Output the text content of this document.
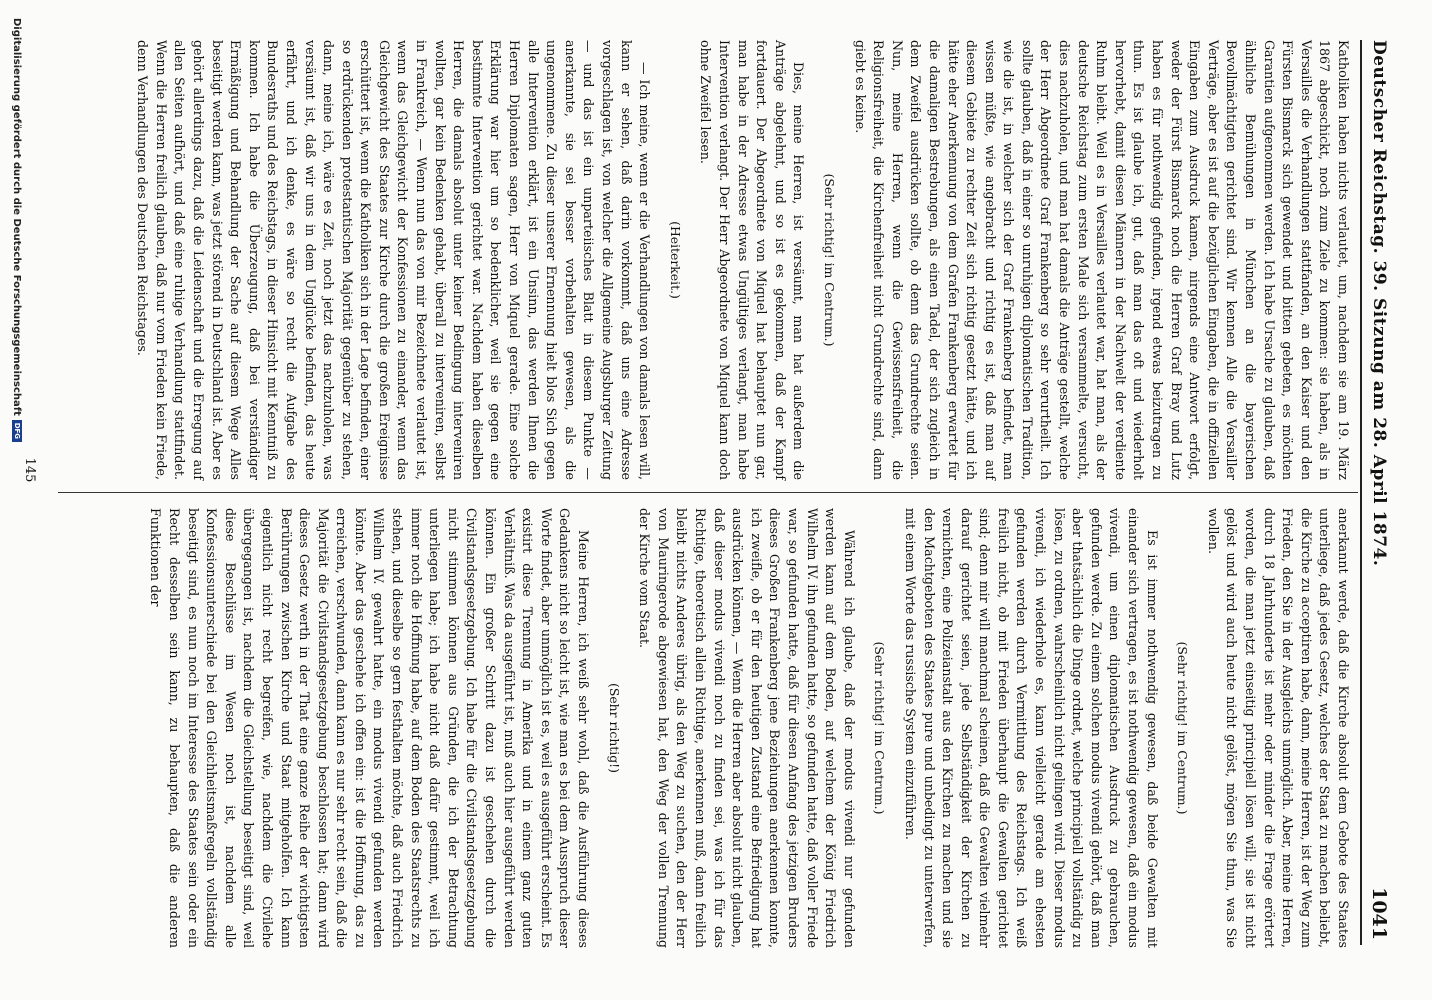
Deutscher Reichstag. 39. Sitzung am 28. April 1874.
1041

Katholiken haben nichts verlautet, um, nachdem sie am 19. März 1867 abgeschickt, noch zum Ziele zu kommen: sie haben, als in Versailles die Verhandlungen stattfanden, an den Kaiser und den Fürsten Bismarck sich gewendet und bitten gebeten, es möchten Garantien aufgenommen werden. Ich habe Ursache zu glauben, daß ähnliche Bemühungen in München an die bayerischen Bevollmächtigten gerichtet sind. Wir kennen Alle die Versailler Verträge, aber es ist auf die bezüglichen Eingaben, die in offiziellen Eingaben zum Ausdruck kamen, nirgends eine Antwort erfolgt, weder der Fürst Bismarck noch die Herren Graf Bray und Lutz haben es für nothwendig gefunden, irgend etwas beizutragen zu thun. Es ist glaube ich, gut, daß man das oft und wiederholt hervorhebt, damit diesen Männern in der Nachwelt der verdiente Ruhm bleibt. Weil es in Versailles verlautet war, hat man, als der deutsche Reichstag zum ersten Male sich versammelte, versucht, dies nachzuholen, und man hat damals die Anträge gestellt, welche der Herr Abgeordnete Graf Frankenberg so sehr verurtheilt. Ich sollte glauben, daß in einer so unruhigen diplomatischen Tradition, wie die ist, in welcher sich der Graf Frankenberg befindet, man wissen müßte, wie angebracht und richtig es ist, daß man auf diesem Gebiete zu rechter Zeit sich richtig gesetzt hätte, und ich hätte eher Anerkennung von dem Grafen Frankenberg erwartet für die damaligen Bestrebungen, als einen Tadel, der sich zugleich in dem Zweifel ausdrücken sollte, ob denn das Grundrechte seien. Nun, meine Herren, wenn die Gewissensfreiheit, die Religionsfreiheit, die Kirchenfreiheit nicht Grundrechte sind, dann giebt es keine.

(Sehr richtig! im Centrum.)

Dies, meine Herren, ist versäumt, man hat außerdem die Anträge abgelehnt, und so ist es gekommen, daß der Kampf fortdauert. Der Abgeordnete von Miquel hat behauptet nun gar, man habe in der Adresse etwas Ungültiges verlangt, man habe Intervention verlangt. Der Herr Abgeordnete von Miquel kann doch ohne Zweifel lesen.

(Heiterkeit.)

— Ich meine, wenn er die Verhandlungen von damals lesen will, kann er sehen, daß darin vorkommt, daß uns eine Adresse vorgeschlagen ist, von welcher die Allgemeine Augsburger Zeitung — und das ist ein unparteiisches Blatt in diesem Punkte — anerkannte, sie sei besser vorbehalten gewesen, als die ungenommene. Zu dieser unserer Ernennung hielt blos Sich gegen alle Intervention erklärt, ist ein Unsinn, das werden Ihnen die Herren Diplomaten sagen, Herr von Miquel gerade. Eine solche Erklärung war hier um so bedenklicher, weil sie gegen eine bestimmte Intervention gerichtet war. Nachdem haben dieselben Herren, die damals absolut unter keiner Bedingung interveniren wollten, gar kein Bedenken gehabt, überall zu interveniren, selbst in Frankreich, — Wenn nun das von mir Bezeichnete verlautet ist, wenn das Gleichgewicht der Konfessionen zu einander, wenn das Gleichgewicht des Staates zur Kirche durch die großen Ereignisse erschüttert ist, wenn die Katholiken sich in der Lage befinden, einer so erdrückenden protestantischen Majorität gegenüber zu stehen, dann, meine ich, wäre es Zeit, noch jetzt das nachzuholen, was versäumt ist, daß wir uns in dem Unglücke befinden, das heute erfährt, und ich denke, es wäre so recht die Aufgabe des Bundesraths und des Reichstags, in dieser Hinsicht mit Kenntniß zu kommen. Ich habe die Überzeugung, daß bei verständiger Ermäßigung und Behandlung der Sache auf diesem Wege Alles beseitigt werden kann, was jetzt störend in Deutschland ist. Aber es gehört allerdings dazu, daß die Leidenschaft und die Erregung auf allen Seiten aufhört, und daß eine ruhige Verhandlung stattfindet. Wenn die Herren freilich glauben, daß nur vom Frieden kein Friede, denn Verhandlungen des Deutschen Reichstages.

anerkannt werde, daß die Kirche absolut dem Gebote des Staates unterliege, daß jedes Gesetz, welches der Staat zu machen beliebt, die Kirche zu acceptiren habe, dann, meine Herren, ist der Weg zum Frieden, den Sie in der Ausgleichs unmöglich. Aber, meine Herren, durch 18 Jahrhunderte ist mehr oder minder die Frage erörtert worden, die man jetzt einseitig principiell lösen will; sie ist nicht gelöst und wird auch heute nicht gelöst, mögen Sie thun, was Sie wollen.

(Sehr richtig! im Centrum.)

Es ist immer nothwendig gewesen, daß beide Gewalten mit einander sich vertragen, es ist nothwendig gewesen, daß ein modus vivendi, um einen diplomatischen Ausdruck zu gebrauchen, gefunden werde. Zu einem solchen modus vivendi gehört, daß man aber thatsächlich die Dinge ordnet, welche principiell vollständig zu lösen, zu ordnen, wahrscheinlich nicht gelingen wird. Dieser modus vivendi, ich wiederhole es, kann vielleicht gerade am ehesten gefunden werden durch Vermittlung des Reichstags. Ich weiß freilich nicht, ob mit Frieden überhaupt die Gewalten gerichtet sind; denn mir will manchmal scheinen, daß die Gewalten vielmehr darauf gerichtet seien, jede Selbständigkeit der Kirchen zu vernichten, eine Polizeianstalt aus den Kirchen zu machen und sie den Machtgeboten des Staates pure und unbedingt zu unterwerfen, mit einem Worte das russische System einzuführen.

(Sehr richtig! im Centrum.)

Während ich glaube, daß der modus vivendi nur gefunden werden kann auf dem Boden, auf welchem der König Friedrich Wilhelm IV. ihn gefunden hatte, so gefunden hatte, daß voller Friede war, so gefunden hatte, daß für diesen Anfang des jetzigen Bruders dieses Großen Frankenberg jene Beziehungen anerkennen konnte, ich zweifle, ob er für den heutigen Zustand eine Befriedigung hat ausdrücken können, — Wenn die Herren aber absolut nicht glauben, daß dieser modus vivendi noch zu finden sei, was ich für das Richtige, theoretisch allein Richtige, anerkennen muß, dann freilich bleibt nichts Anderes übrig, als den Weg zu suchen, den der Herr von Mauringerode abgewiesen hat, den Weg der vollen Trennung der Kirche vom Staat.

(Sehr richtig!)

Meine Herren, ich weiß sehr wohl, daß die Ausführung dieses Gedankens nicht so leicht ist, wie man es bei dem Ausspruch dieser Worte findet, aber unmöglich ist es, weil es ausgeführt erscheint. Es existirt diese Trennung in Amerika und in einem ganz guten Verhältniß. Was da ausgeführt ist, muß auch hier ausgeführt werden können. Ein großer Schritt dazu ist geschehen durch die Civilstandsgesetzgebung. Ich habe für die Civilstandsgesetzgebung nicht stimmen können aus Gründen, die ich der Betrachtung unterliegen habe; ich habe nicht daß dafür gestimmt, weil ich immer noch die Hoffnung habe, auf dem Boden des Staatsrechts zu stehen, und dieselbe so gern festhalten möchte, daß auch Friedrich Wilhelm IV. gewahrt hatte, ein modus vivendi gefunden werden könnte. Aber das geschehe ich offen ein: ist die Hoffnung, das zu erreichen, verschwunden, dann kann es nur sehr recht sein, daß die Majorität die Civilstandsgesetzgebung beschlossen hat; dann wird dieses Gesetz werth in der That eine ganze Reihe der wichtigsten Berührungen zwischen Kirche und Staat mitgeholfen. Ich kann eigentlich nicht recht begreifen, wie, nachdem die Civilehe übergegangen ist, nachdem die Gleichstellung beseitigt sind, weil diese Beschlüsse im Wesen noch ist, nachdem alle Konfessionsunterschiede bei den Gleichheitsmaßregeln vollständig beseitigt sind, es nun noch im Interesse des Staates sein oder ein Recht desselben sein kann, zu behaupten, daß die anderen Funktionen der

145
Digitalisierung gefördert durch die Deutsche ForschungsgemeinschaftDFG
